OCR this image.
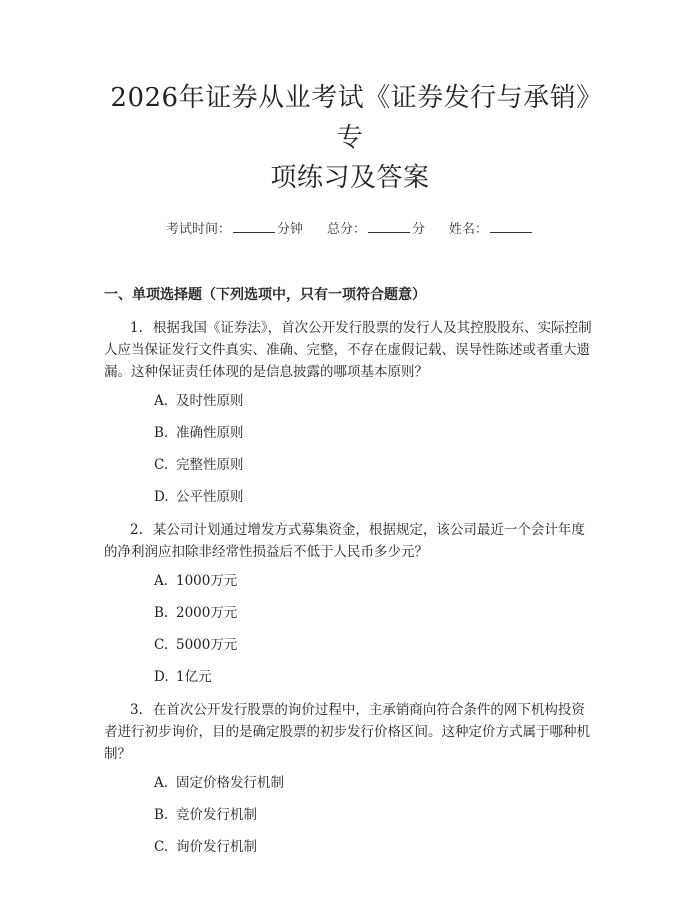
2026年证券从业考试《证券发行与承销》专
项练习及答案
考试时间：	分钟 总分：	分 姓名：
一、单项选择题（下列选项中，只有一项符合题意）
1. 根据我国《证券法》，首次公开发行股票的发行人及其控股股东、实际控制人应当保证发行文件真实、准确、完整，不存在虚假记载、误导性陈述或者重大遗漏。这种保证责任体现的是信息披露的哪项基本原则？
A. 及时性原则
B. 准确性原则
C. 完整性原则
D. 公平性原则
2. 某公司计划通过增发方式募集资金，根据规定，该公司最近一个会计年度的净利润应扣除非经常性损益后不低于人民币多少元？
A. 1000万元
B. 2000万元
C. 5000万元
D. 1亿元
3. 在首次公开发行股票的询价过程中，主承销商向符合条件的网下机构投资者进行初步询价，目的是确定股票的初步发行价格区间。这种定价方式属于哪种机制？
A. 固定价格发行机制
B. 竞价发行机制
C. 询价发行机制
